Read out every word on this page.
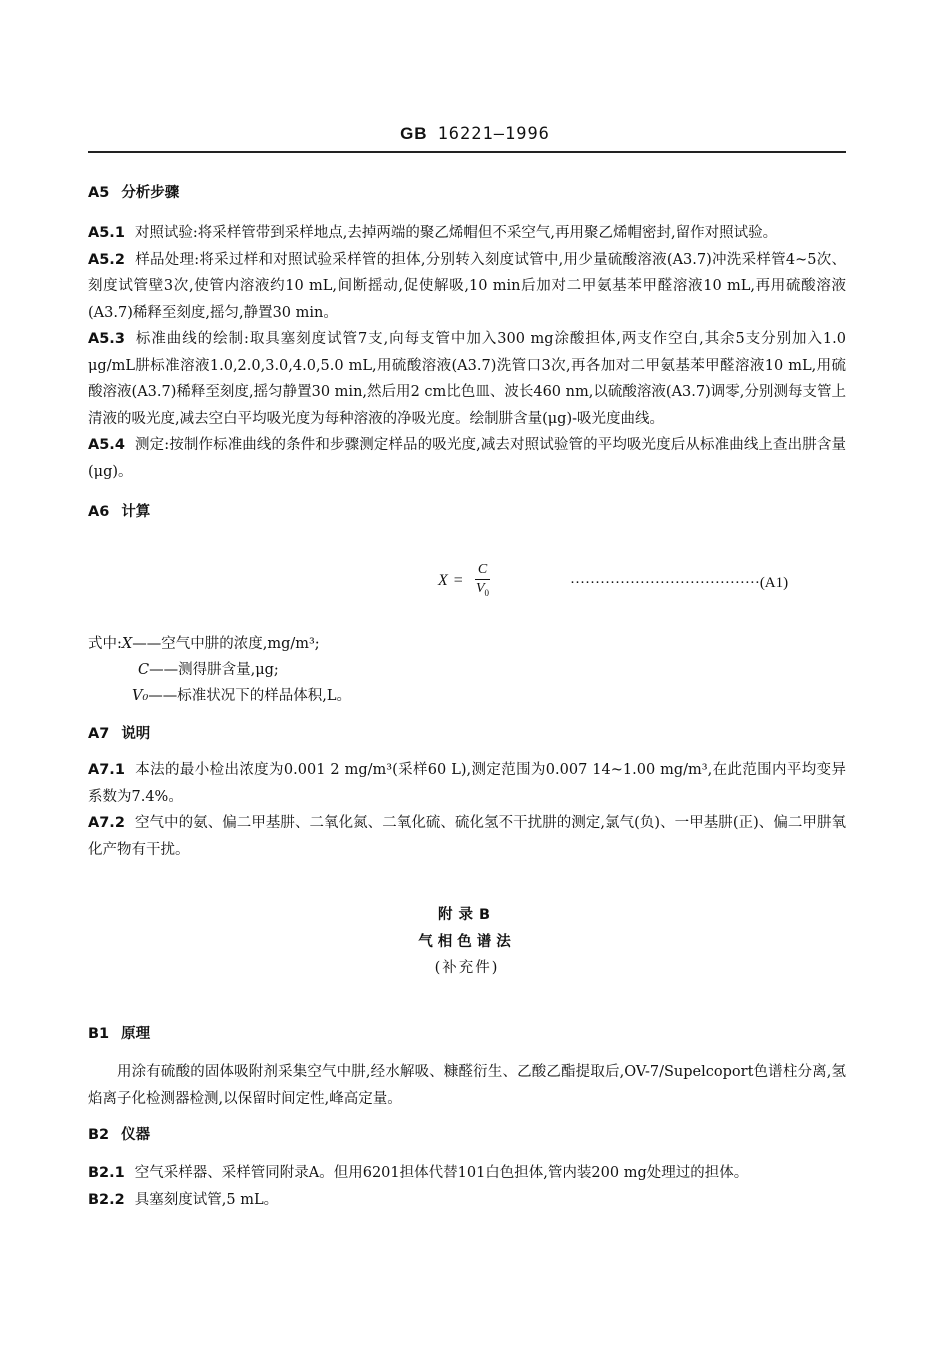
GB 16221—1996
A5 分析步骤
A5.1 对照试验:将采样管带到采样地点,去掉两端的聚乙烯帽但不采空气,再用聚乙烯帽密封,留作对照试验。
A5.2 样品处理:将采过样和对照试验采样管的担体,分别转入刻度试管中,用少量硫酸溶液(A3.7)冲洗采样管4~5次、刻度试管壁3次,使管内溶液约10 mL,间断摇动,促使解吸,10 min后加对二甲氨基苯甲醛溶液10 mL,再用硫酸溶液(A3.7)稀释至刻度,摇匀,静置30 min。
A5.3 标准曲线的绘制:取具塞刻度试管7支,向每支管中加入300 mg涂酸担体,两支作空白,其余5支分别加入1.0 μg/mL肼标准溶液1.0,2.0,3.0,4.0,5.0 mL,用硫酸溶液(A3.7)洗管口3次,再各加对二甲氨基苯甲醛溶液10 mL,用硫酸溶液(A3.7)稀释至刻度,摇匀静置30 min,然后用2 cm比色皿、波长460 nm,以硫酸溶液(A3.7)调零,分别测每支管上清液的吸光度,减去空白平均吸光度为每种溶液的净吸光度。绘制肼含量(μg)-吸光度曲线。
A5.4 测定:按制作标准曲线的条件和步骤测定样品的吸光度,减去对照试验管的平均吸光度后从标准曲线上查出肼含量(μg)。
A6 计算
$X = \frac{C}{V_0}$	······································(A1)
式中:X——空气中肼的浓度,mg/m³;
C——测得肼含量,μg;
V₀——标准状况下的样品体积,L。
A7 说明
A7.1 本法的最小检出浓度为0.001 2 mg/m³(采样60 L),测定范围为0.007 14~1.00 mg/m³,在此范围内平均变异系数为7.4%。
A7.2 空气中的氨、偏二甲基肼、二氧化氮、二氧化硫、硫化氢不干扰肼的测定,氯气(负)、一甲基肼(正)、偏二甲肼氧化产物有干扰。
附录B
气相色谱法
(补充件)
B1 原理
用涂有硫酸的固体吸附剂采集空气中肼,经水解吸、糠醛衍生、乙酸乙酯提取后,OV-7/Supelcoport色谱柱分离,氢焰离子化检测器检测,以保留时间定性,峰高定量。
B2 仪器
B2.1 空气采样器、采样管同附录A。但用6201担体代替101白色担体,管内装200 mg处理过的担体。
B2.2 具塞刻度试管,5 mL。
